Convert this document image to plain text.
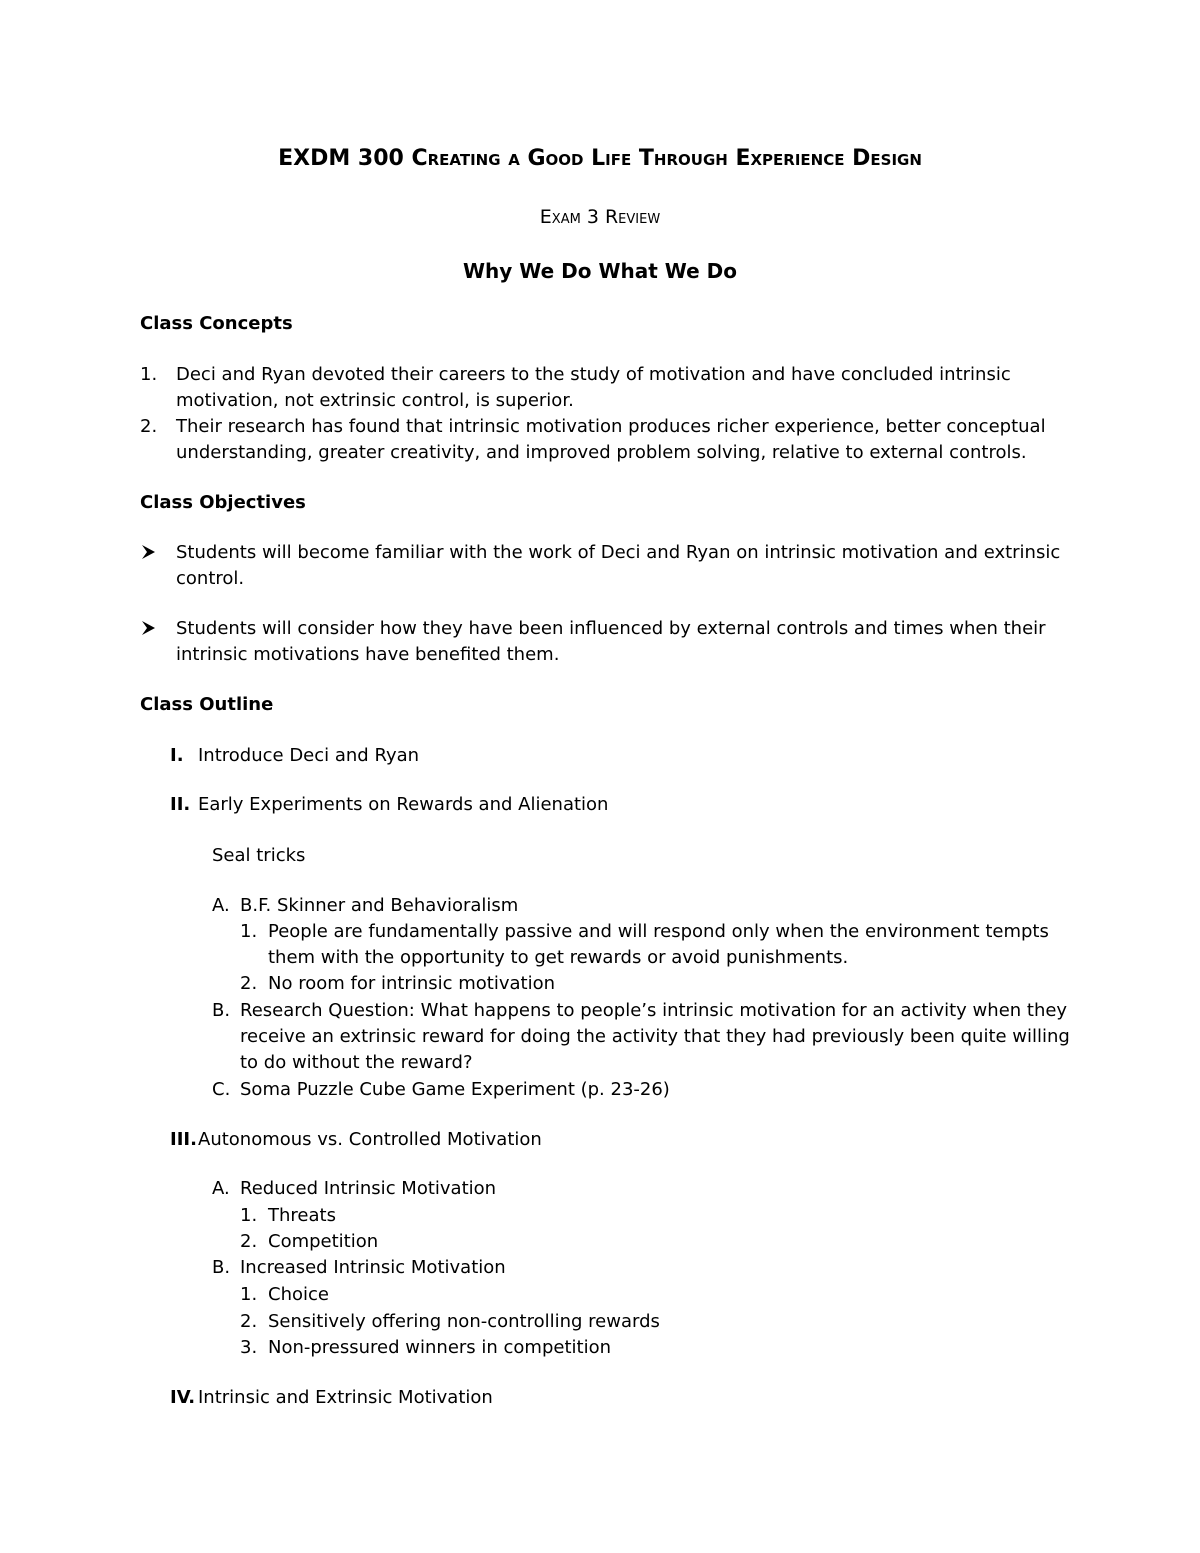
EXDM 300 Creating a Good Life Through Experience Design
Exam 3 Review
Why We Do What We Do
Class Concepts
1. Deci and Ryan devoted their careers to the study of motivation and have concluded intrinsic
motivation, not extrinsic control, is superior.
2. Their research has found that intrinsic motivation produces richer experience, better conceptual
understanding, greater creativity, and improved problem solving, relative to external controls.
Class Objectives
Students will become familiar with the work of Deci and Ryan on intrinsic motivation and extrinsic
control.
Students will consider how they have been influenced by external controls and times when their
intrinsic motivations have benefited them.
Class Outline
I. Introduce Deci and Ryan
II. Early Experiments on Rewards and Alienation
Seal tricks
A. B.F. Skinner and Behavioralism
1. People are fundamentally passive and will respond only when the environment tempts
them with the opportunity to get rewards or avoid punishments.
2. No room for intrinsic motivation
B. Research Question: What happens to people’s intrinsic motivation for an activity when they
receive an extrinsic reward for doing the activity that they had previously been quite willing
to do without the reward?
C. Soma Puzzle Cube Game Experiment (p. 23-26)
III. Autonomous vs. Controlled Motivation
A. Reduced Intrinsic Motivation
1. Threats
2. Competition
B. Increased Intrinsic Motivation
1. Choice
2. Sensitively offering non-controlling rewards
3. Non-pressured winners in competition
IV. Intrinsic and Extrinsic Motivation
